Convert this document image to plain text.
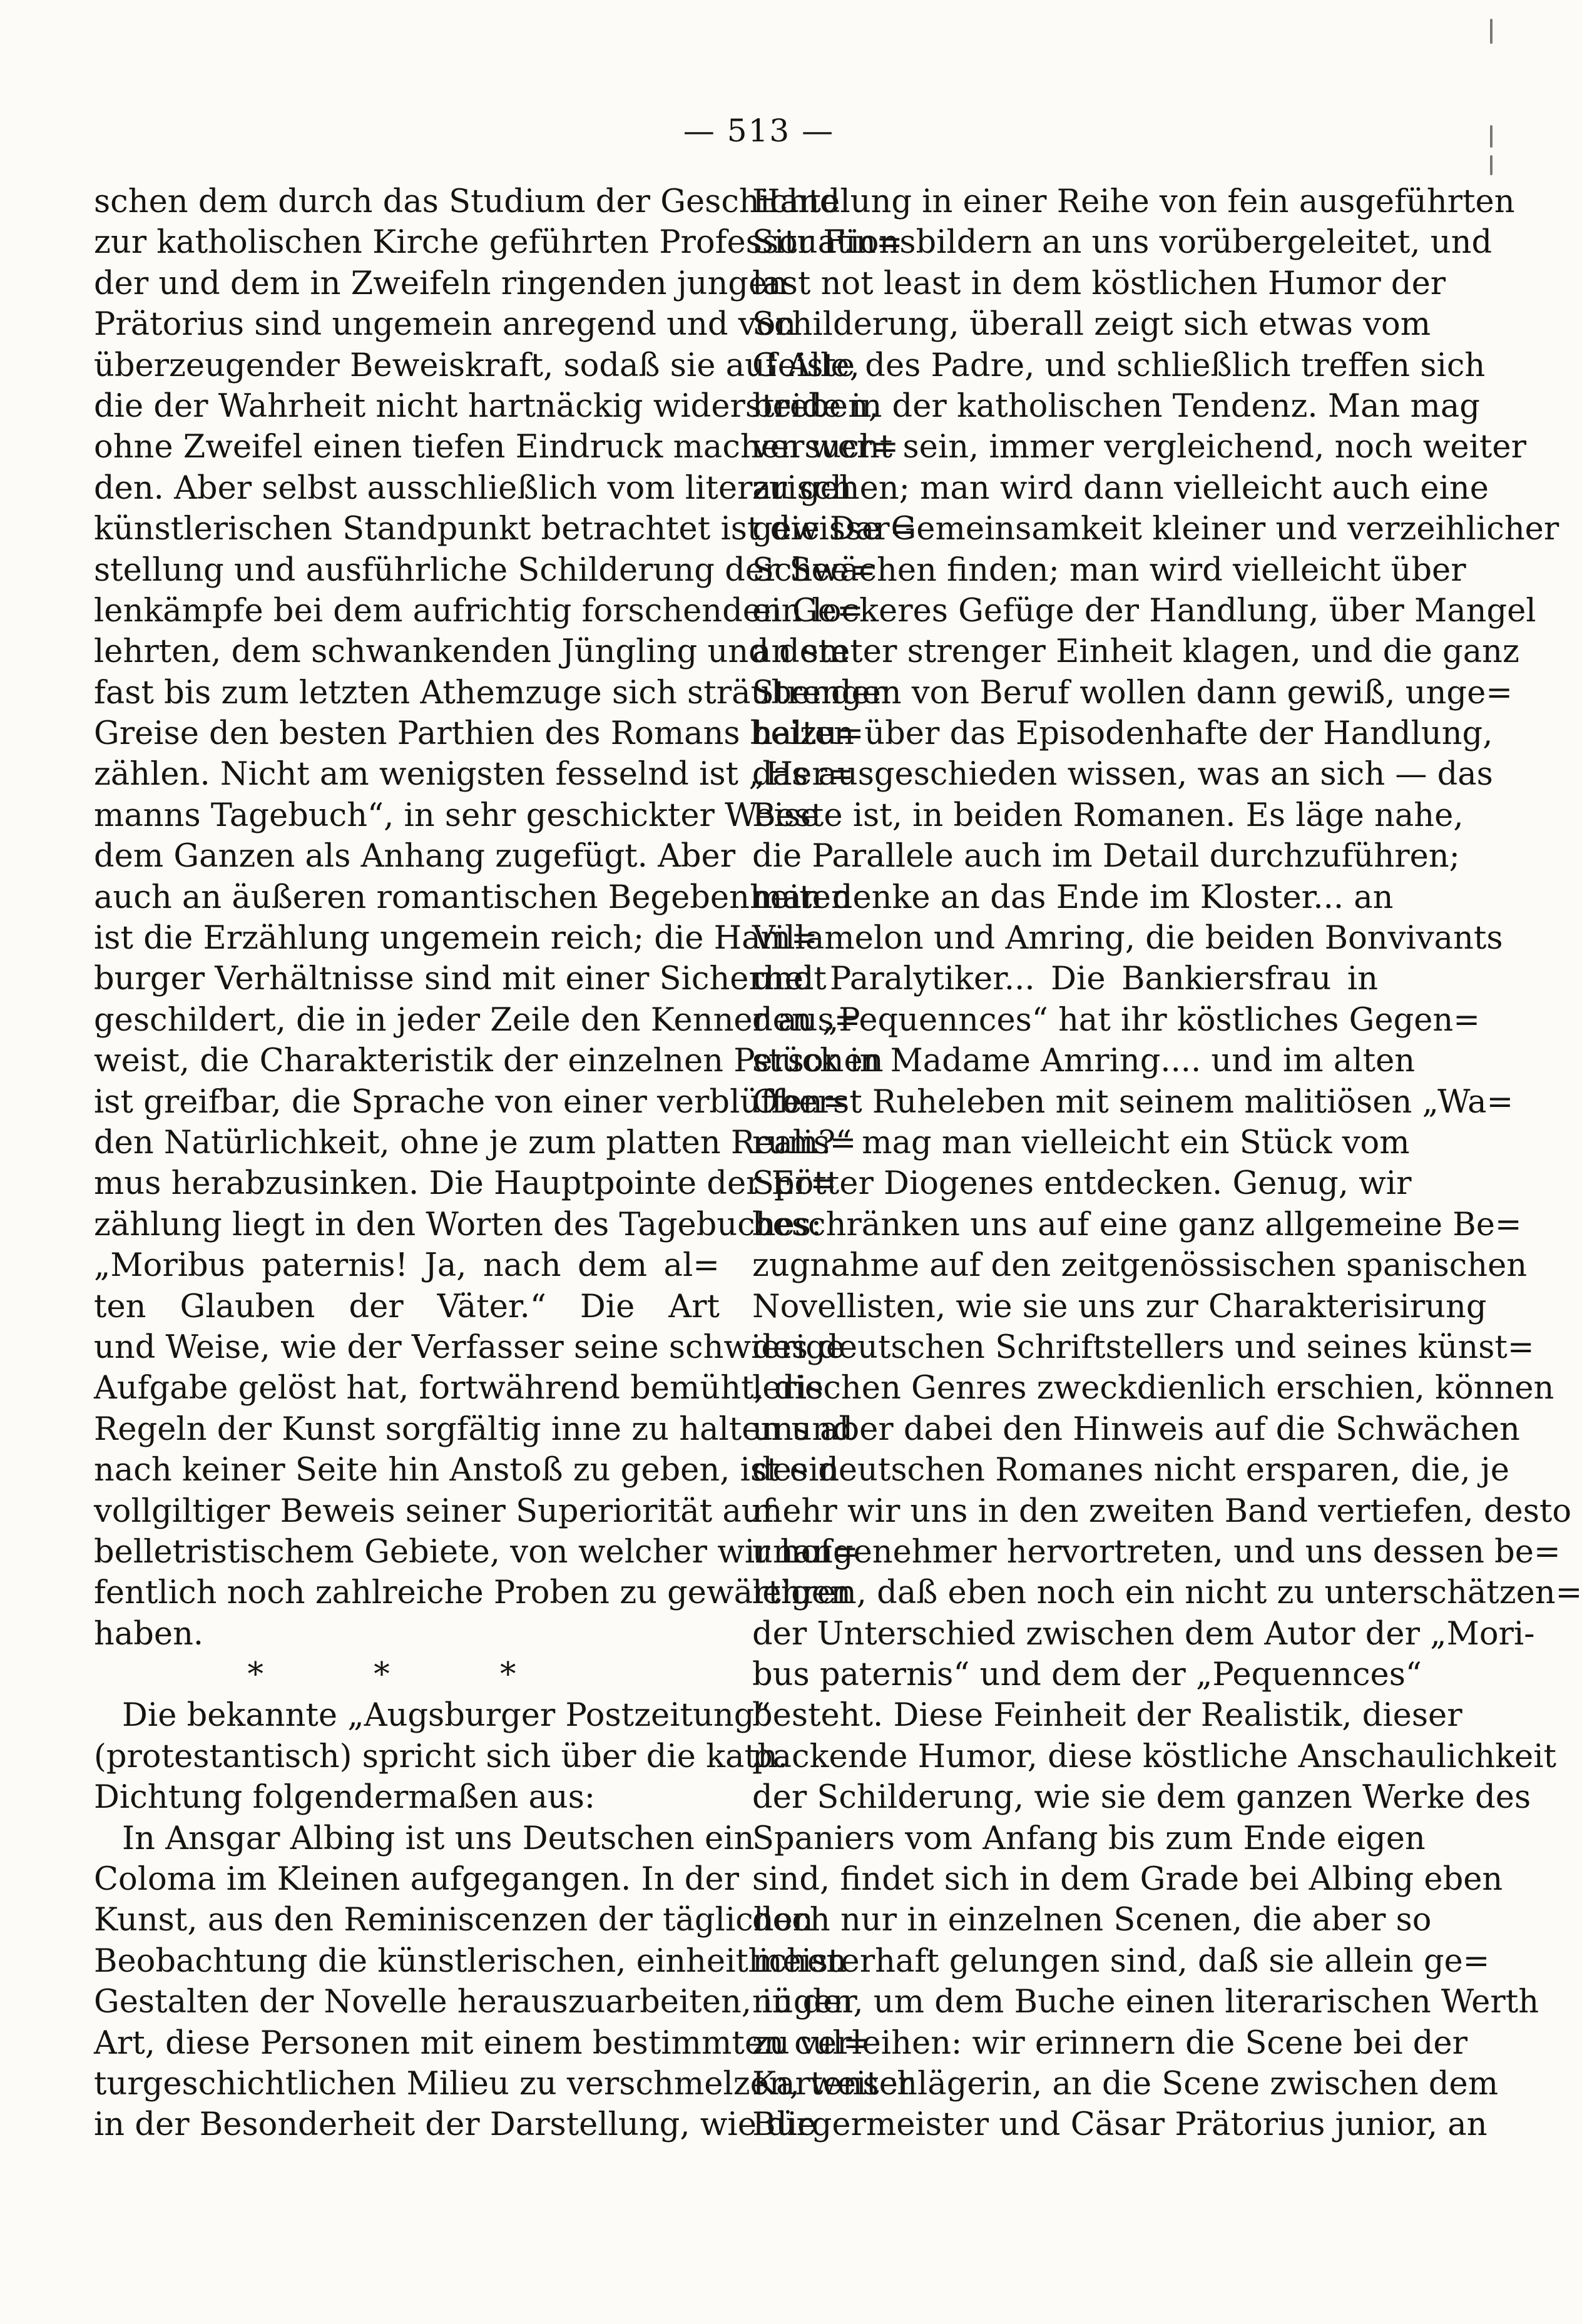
— 513 —
schen dem durch das Studium der Geschichte
zur katholischen Kirche geführten Professor Fin=
der und dem in Zweifeln ringenden jungen
Prätorius sind ungemein anregend und von
überzeugender Beweiskraft, sodaß sie auf Alle,
die der Wahrheit nicht hartnäckig widerstreben,
ohne Zweifel einen tiefen Eindruck machen wer=
den. Aber selbst ausschließlich vom literarisch
künstlerischen Standpunkt betrachtet ist die Dar=
stellung und ausführliche Schilderung der See=
lenkämpfe bei dem aufrichtig forschenden Ge=
lehrten, dem schwankenden Jüngling und dem
fast bis zum letzten Athemzuge sich sträubenden
Greise den besten Parthien des Romans beizu=
zählen. Nicht am wenigsten fesselnd ist „Her=
manns Tagebuch“, in sehr geschickter Weise
dem Ganzen als Anhang zugefügt. Aber
auch an äußeren romantischen Begebenheiten
ist die Erzählung ungemein reich; die Ham=
burger Verhältnisse sind mit einer Sicherheit
geschildert, die in jeder Zeile den Kenner aus=
weist, die Charakteristik der einzelnen Personen
ist greifbar, die Sprache von einer verblüffen=
den Natürlichkeit, ohne je zum platten Realis=
mus herabzusinken. Die Hauptpointe der Er=
zählung liegt in den Worten des Tagebuches:
„Moribus paternis! Ja, nach dem al=
ten Glauben der Väter.“ Die Art
und Weise, wie der Verfasser seine schwierige
Aufgabe gelöst hat, fortwährend bemüht, die
Regeln der Kunst sorgfältig inne zu halten und
nach keiner Seite hin Anstoß zu geben, ist ein
vollgiltiger Beweis seiner Superiorität auf
belletristischem Gebiete, von welcher wir hof=
fentlich noch zahlreiche Proben zu gewärtigen
haben.
* * *
Die bekannte „Augsburger Postzeitung“
(protestantisch) spricht sich über die kath.
Dichtung folgendermaßen aus:
In Ansgar Albing ist uns Deutschen ein
Coloma im Kleinen aufgegangen. In der
Kunst, aus den Reminiscenzen der täglichen
Beobachtung die künstlerischen, einheitlichen
Gestalten der Novelle herauszuarbeiten, in der
Art, diese Personen mit einem bestimmten cul=
turgeschichtlichen Milieu zu verschmelzen, weiter
in der Besonderheit der Darstellung, wie die
Handlung in einer Reihe von fein ausgeführten
Situationsbildern an uns vorübergeleitet, und
last not least in dem köstlichen Humor der
Schilderung, überall zeigt sich etwas vom
Geiste des Padre, und schließlich treffen sich
beide in der katholischen Tendenz. Man mag
versucht sein, immer vergleichend, noch weiter
zu gehen; man wird dann vielleicht auch eine
gewisse Gemeinsamkeit kleiner und verzeihlicher
Schwächen finden; man wird vielleicht über
ein lockeres Gefüge der Handlung, über Mangel
an steter strenger Einheit klagen, und die ganz
Strengen von Beruf wollen dann gewiß, unge=
halten über das Episodenhafte der Handlung,
das ausgeschieden wissen, was an sich — das
Beste ist, in beiden Romanen. Es läge nahe,
die Parallele auch im Detail durchzuführen;
man denke an das Ende im Kloster... an
Villamelon und Amring, die beiden Bonvivants
und Paralytiker... Die Bankiersfrau in
den „Pequennces“ hat ihr köstliches Gegen=
stück in Madame Amring.... und im alten
Oberst Ruheleben mit seinem malitiösen „Wa=
rum?“ mag man vielleicht ein Stück vom
Spötter Diogenes entdecken. Genug, wir
beschränken uns auf eine ganz allgemeine Be=
zugnahme auf den zeitgenössischen spanischen
Novellisten, wie sie uns zur Charakterisirung
des deutschen Schriftstellers und seines künst=
lerischen Genres zweckdienlich erschien, können
uns aber dabei den Hinweis auf die Schwächen
des deutschen Romanes nicht ersparen, die, je
mehr wir uns in den zweiten Band vertiefen, desto
unangenehmer hervortreten, und uns dessen be=
lehren, daß eben noch ein nicht zu unterschätzen=
der Unterschied zwischen dem Autor der „Mori-
bus paternis“ und dem der „Pequennces“
besteht. Diese Feinheit der Realistik, dieser
packende Humor, diese köstliche Anschaulichkeit
der Schilderung, wie sie dem ganzen Werke des
Spaniers vom Anfang bis zum Ende eigen
sind, findet sich in dem Grade bei Albing eben
doch nur in einzelnen Scenen, die aber so
meisterhaft gelungen sind, daß sie allein ge=
nügen, um dem Buche einen literarischen Werth
zu verleihen: wir erinnern die Scene bei der
Kartenschlägerin, an die Scene zwischen dem
Bürgermeister und Cäsar Prätorius junior, an
